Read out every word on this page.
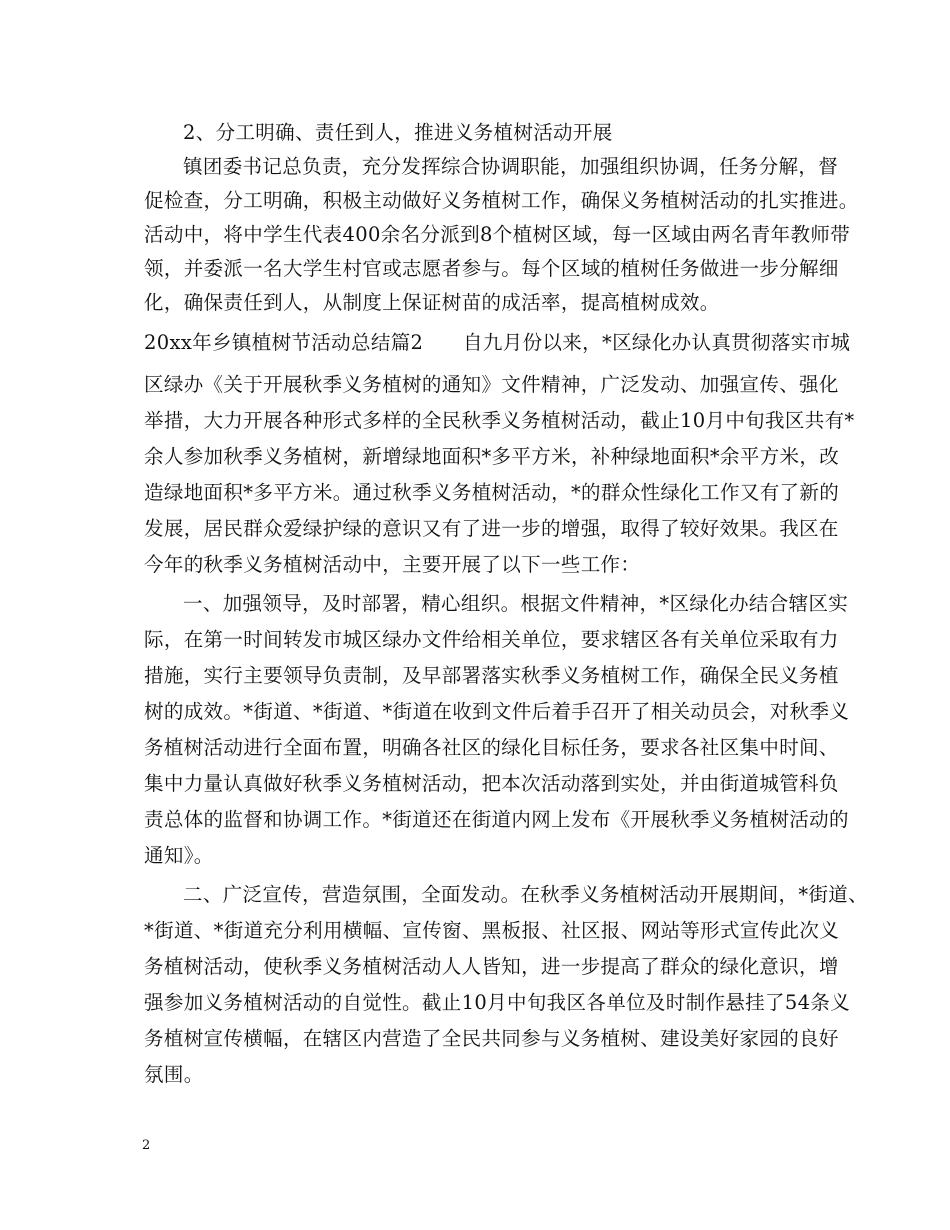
2、分工明确、责任到人，推进义务植树活动开展
镇团委书记总负责，充分发挥综合协调职能，加强组织协调，任务分解，督
促检查，分工明确，积极主动做好义务植树工作，确保义务植树活动的扎实推进。
活动中，将中学生代表400余名分派到8个植树区域，每一区域由两名青年教师带
领，并委派一名大学生村官或志愿者参与。每个区域的植树任务做进一步分解细
化，确保责任到人，从制度上保证树苗的成活率，提高植树成效。
20xx年乡镇植树节活动总结篇2　　自九月份以来，*区绿化办认真贯彻落实市城
区绿办《关于开展秋季义务植树的通知》文件精神，广泛发动、加强宣传、强化
举措，大力开展各种形式多样的全民秋季义务植树活动，截止10月中旬我区共有*
余人参加秋季义务植树，新增绿地面积*多平方米，补种绿地面积*余平方米，改
造绿地面积*多平方米。通过秋季义务植树活动，*的群众性绿化工作又有了新的
发展，居民群众爱绿护绿的意识又有了进一步的增强，取得了较好效果。我区在
今年的秋季义务植树活动中，主要开展了以下一些工作：
一、加强领导，及时部署，精心组织。根据文件精神，*区绿化办结合辖区实
际，在第一时间转发市城区绿办文件给相关单位，要求辖区各有关单位采取有力
措施，实行主要领导负责制，及早部署落实秋季义务植树工作，确保全民义务植
树的成效。*街道、*街道、*街道在收到文件后着手召开了相关动员会，对秋季义
务植树活动进行全面布置，明确各社区的绿化目标任务，要求各社区集中时间、
集中力量认真做好秋季义务植树活动，把本次活动落到实处，并由街道城管科负
责总体的监督和协调工作。*街道还在街道内网上发布《开展秋季义务植树活动的
通知》。
二、广泛宣传，营造氛围，全面发动。在秋季义务植树活动开展期间，*街道、
*街道、*街道充分利用横幅、宣传窗、黑板报、社区报、网站等形式宣传此次义
务植树活动，使秋季义务植树活动人人皆知，进一步提高了群众的绿化意识，增
强参加义务植树活动的自觉性。截止10月中旬我区各单位及时制作悬挂了54条义
务植树宣传横幅，在辖区内营造了全民共同参与义务植树、建设美好家园的良好
氛围。
2
